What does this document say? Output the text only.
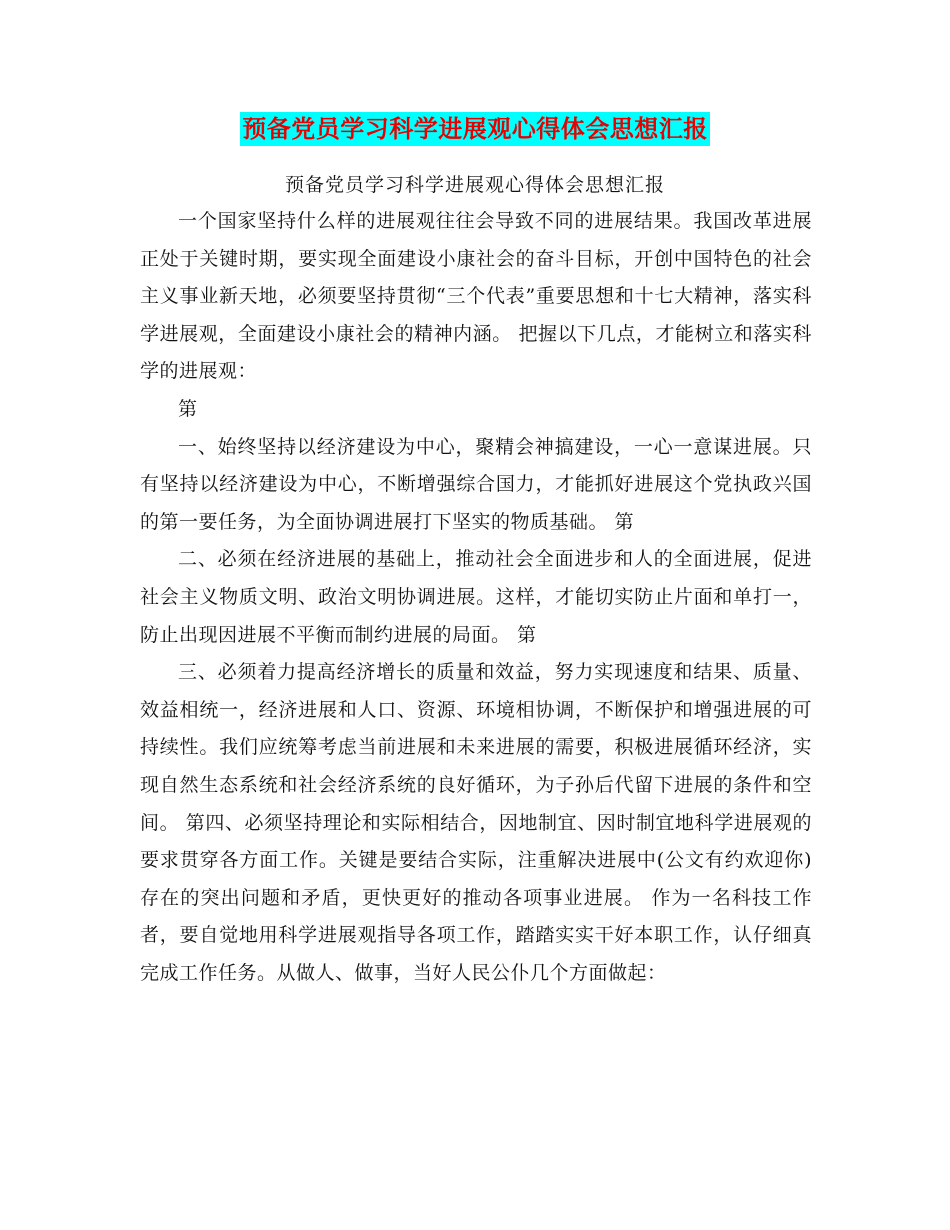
预备党员学习科学进展观心得体会思想汇报
预备党员学习科学进展观心得体会思想汇报

一个国家坚持什么样的进展观往往会导致不同的进展结果。我国改革进展正处于关键时期，要实现全面建设小康社会的奋斗目标，开创中国特色的社会主义事业新天地，必须要坚持贯彻“三个代表”重要思想和十七大精神，落实科学进展观，全面建设小康社会的精神内涵。 把握以下几点，才能树立和落实科学的进展观：

第

一、始终坚持以经济建设为中心，聚精会神搞建设，一心一意谋进展。只有坚持以经济建设为中心，不断增强综合国力，才能抓好进展这个党执政兴国的第一要任务，为全面协调进展打下坚实的物质基础。 第

二、必须在经济进展的基础上，推动社会全面进步和人的全面进展，促进社会主义物质文明、政治文明协调进展。这样，才能切实防止片面和单打一，防止出现因进展不平衡而制约进展的局面。 第

三、必须着力提高经济增长的质量和效益，努力实现速度和结果、质量、效益相统一，经济进展和人口、资源、环境相协调，不断保护和增强进展的可持续性。我们应统筹考虑当前进展和未来进展的需要，积极进展循环经济，实现自然生态系统和社会经济系统的良好循环，为子孙后代留下进展的条件和空间。 第四、必须坚持理论和实际相结合，因地制宜、因时制宜地科学进展观的要求贯穿各方面工作。关键是要结合实际，注重解决进展中(公文有约欢迎你)存在的突出问题和矛盾，更快更好的推动各项事业进展。 作为一名科技工作者，要自觉地用科学进展观指导各项工作，踏踏实实干好本职工作，认仔细真完成工作任务。从做人、做事，当好人民公仆几个方面做起：
